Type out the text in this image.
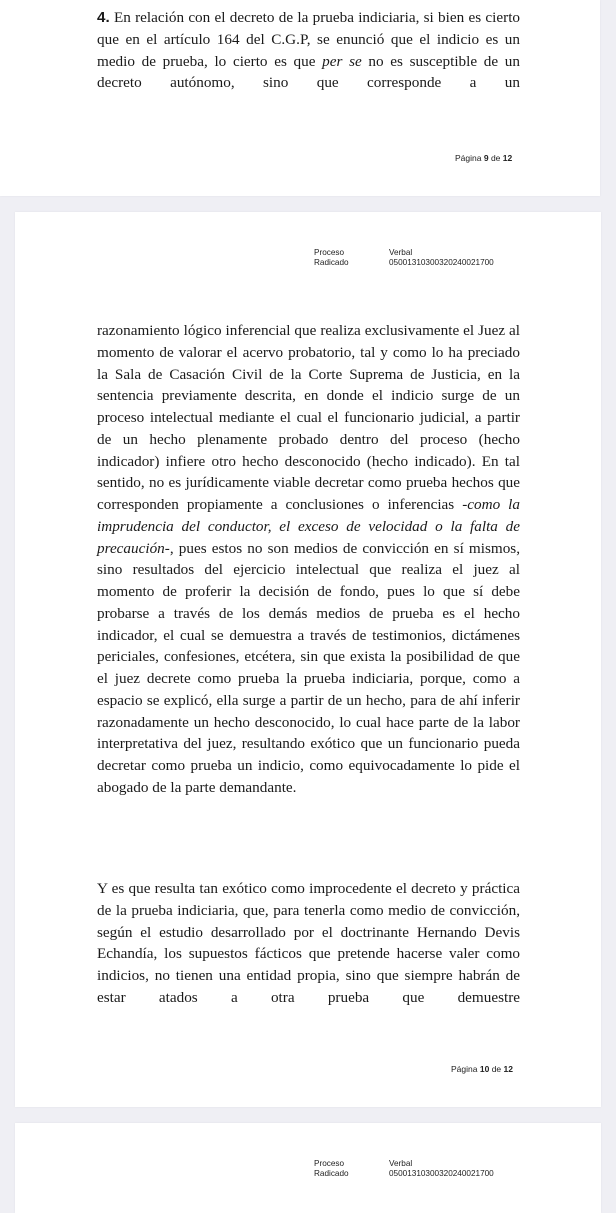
4. En relación con el decreto de la prueba indiciaria, si bien es cierto que en el artículo 164 del C.G.P, se enunció que el indicio es un medio de prueba, lo cierto es que per se no es susceptible de un decreto autónomo, sino que corresponde a un

Página 9 de 12
Proceso	Verbal
Radicado	05001310300320240021700

razonamiento lógico inferencial que realiza exclusivamente el Juez al momento de valorar el acervo probatorio, tal y como lo ha preciado la Sala de Casación Civil de la Corte Suprema de Justicia, en la sentencia previamente descrita, en donde el indicio surge de un proceso intelectual mediante el cual el funcionario judicial, a partir de un hecho plenamente probado dentro del proceso (hecho indicador) infiere otro hecho desconocido (hecho indicado). En tal sentido, no es jurídicamente viable decretar como prueba hechos que corresponden propiamente a conclusiones o inferencias -como la imprudencia del conductor, el exceso de velocidad o la falta de precaución-, pues estos no son medios de convicción en sí mismos, sino resultados del ejercicio intelectual que realiza el juez al momento de proferir la decisión de fondo, pues lo que sí debe probarse a través de los demás medios de prueba es el hecho indicador, el cual se demuestra a través de testimonios, dictámenes periciales, confesiones, etcétera, sin que exista la posibilidad de que el juez decrete como prueba la prueba indiciaria, porque, como a espacio se explicó, ella surge a partir de un hecho, para de ahí inferir razonadamente un hecho desconocido, lo cual hace parte de la labor interpretativa del juez, resultando exótico que un funcionario pueda decretar como prueba un indicio, como equivocadamente lo pide el abogado de la parte demandante.

Y es que resulta tan exótico como improcedente el decreto y práctica de la prueba indiciaria, que, para tenerla como medio de convicción, según el estudio desarrollado por el doctrinante Hernando Devis Echandía, los supuestos fácticos que pretende hacerse valer como indicios, no tienen una entidad propia, sino que siempre habrán de estar atados a otra prueba que demuestre

Página 10 de 12
Proceso	Verbal
Radicado	05001310300320240021700
